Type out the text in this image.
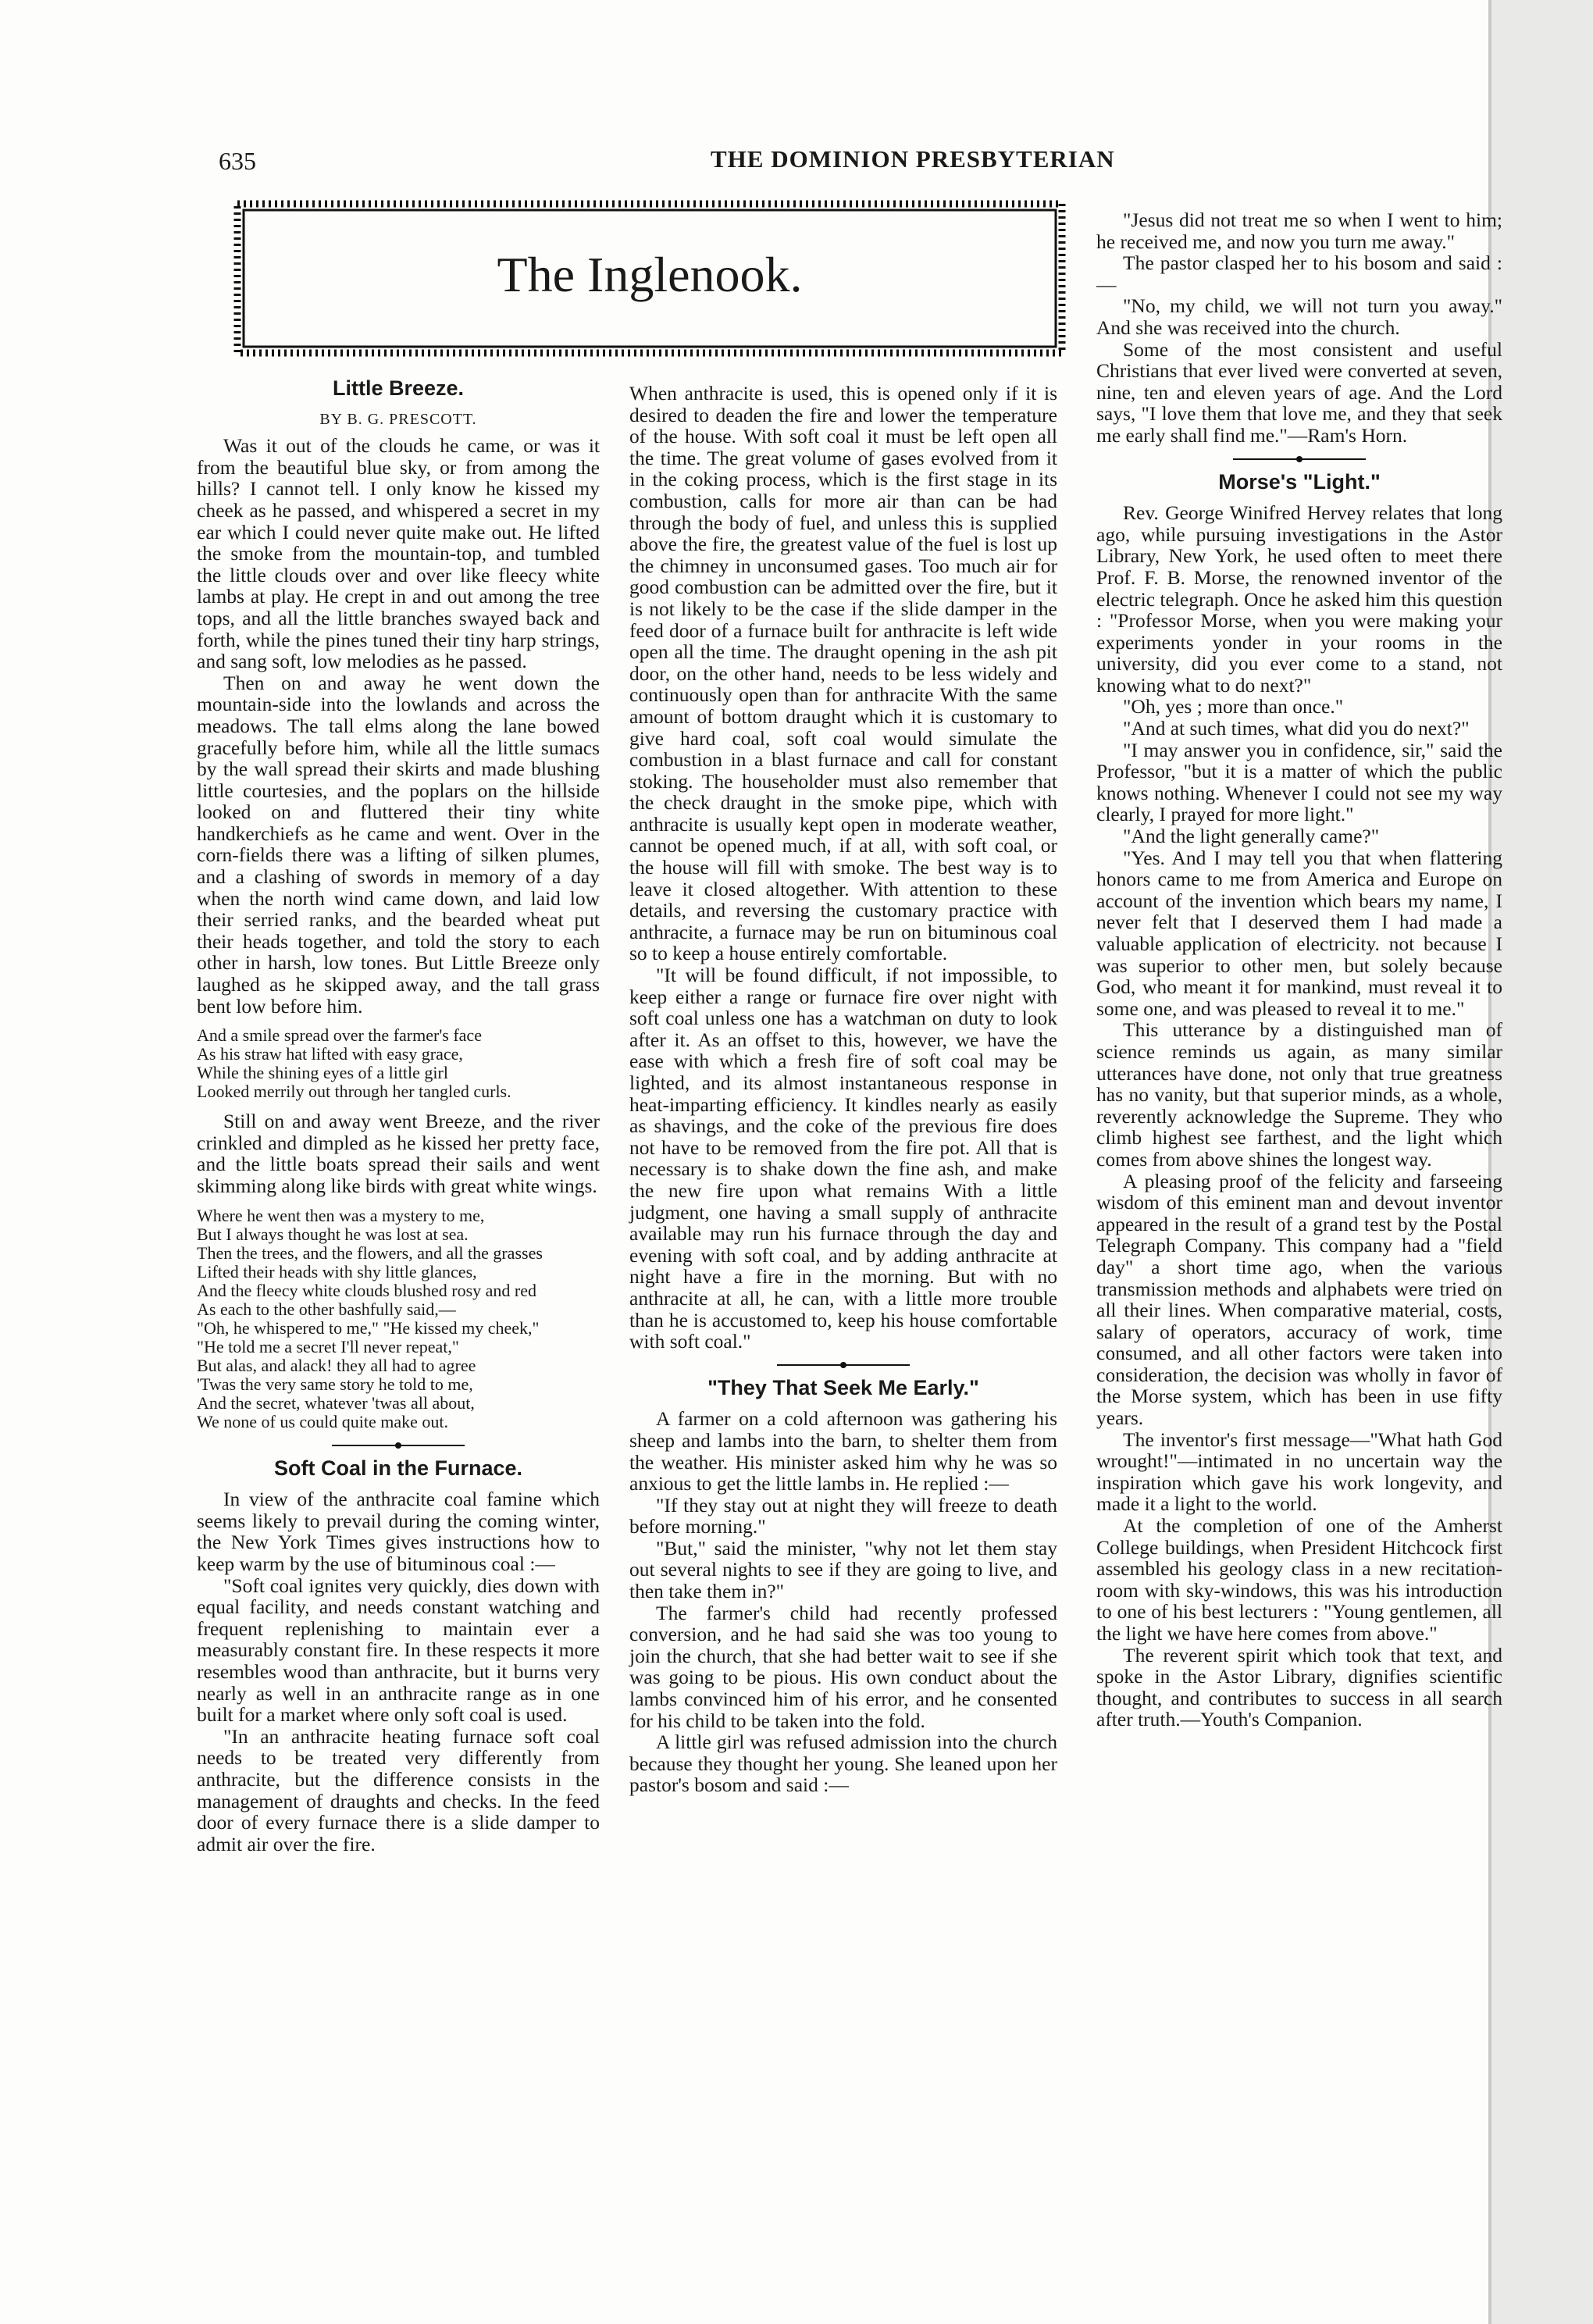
635	THE DOMINION PRESBYTERIAN
The Inglenook.
Little Breeze.
BY B. G. PRESCOTT.

Was it out of the clouds he came, or was it from the beautiful blue sky, or from among the hills? I cannot tell. I only know he kissed my cheek as he passed, and whispered a secret in my ear which I could never quite make out. He lifted the smoke from the mountain-top, and tumbled the little clouds over and over like fleecy white lambs at play. He crept in and out among the tree tops, and all the little branches swayed back and forth, while the pines tuned their tiny harp strings, and sang soft, low melodies as he passed.

Then on and away he went down the mountain-side into the lowlands and across the meadows. The tall elms along the lane bowed gracefully before him, while all the little sumacs by the wall spread their skirts and made blushing little courtesies, and the poplars on the hillside looked on and fluttered their tiny white handkerchiefs as he came and went. Over in the corn-fields there was a lifting of silken plumes, and a clashing of swords in memory of a day when the north wind came down, and laid low their serried ranks, and the bearded wheat put their heads together, and told the story to each other in harsh, low tones. But Little Breeze only laughed as he skipped away, and the tall grass bent low before him.

And a smile spread over the farmer's face
As his straw hat lifted with easy grace,
While the shining eyes of a little girl
Looked merrily out through her tangled curls.

Still on and away went Breeze, and the river crinkled and dimpled as he kissed her pretty face, and the little boats spread their sails and went skimming along like birds with great white wings.

Where he went then was a mystery to me,
But I always thought he was lost at sea.
Then the trees, and the flowers, and all the grasses
Lifted their heads with shy little glances,
And the fleecy white clouds blushed rosy and red
As each to the other bashfully said,—
"Oh, he whispered to me," "He kissed my cheek,"
"He told me a secret I'll never repeat,"
But alas, and alack! they all had to agree
'Twas the very same story he told to me,
And the secret, whatever 'twas all about,
We none of us could quite make out.
Soft Coal in the Furnace.

In view of the anthracite coal famine which seems likely to prevail during the coming winter, the New York Times gives instructions how to keep warm by the use of bituminous coal :—

"Soft coal ignites very quickly, dies down with equal facility, and needs constant watching and frequent replenishing to maintain ever a measurably constant fire. In these respects it more resembles wood than anthracite, but it burns very nearly as well in an anthracite range as in one built for a market where only soft coal is used.

"In an anthracite heating furnace soft coal needs to be treated very differently from anthracite, but the difference consists in the management of draughts and checks. In the feed door of every furnace there is a slide damper to admit air over the fire.

When anthracite is used, this is opened only if it is desired to deaden the fire and lower the temperature of the house. With soft coal it must be left open all the time. The great volume of gases evolved from it in the coking process, which is the first stage in its combustion, calls for more air than can be had through the body of fuel, and unless this is supplied above the fire, the greatest value of the fuel is lost up the chimney in unconsumed gases. Too much air for good combustion can be admitted over the fire, but it is not likely to be the case if the slide damper in the feed door of a furnace built for anthracite is left wide open all the time. The draught opening in the ash pit door, on the other hand, needs to be less widely and continuously open than for anthracite With the same amount of bottom draught which it is customary to give hard coal, soft coal would simulate the combustion in a blast furnace and call for constant stoking. The householder must also remember that the check draught in the smoke pipe, which with anthracite is usually kept open in moderate weather, cannot be opened much, if at all, with soft coal, or the house will fill with smoke. The best way is to leave it closed altogether. With attention to these details, and reversing the customary practice with anthracite, a furnace may be run on bituminous coal so to keep a house entirely comfortable.

"It will be found difficult, if not impossible, to keep either a range or furnace fire over night with soft coal unless one has a watchman on duty to look after it. As an offset to this, however, we have the ease with which a fresh fire of soft coal may be lighted, and its almost instantaneous response in heat-imparting efficiency. It kindles nearly as easily as shavings, and the coke of the previous fire does not have to be removed from the fire pot. All that is necessary is to shake down the fine ash, and make the new fire upon what remains With a little judgment, one having a small supply of anthracite available may run his furnace through the day and evening with soft coal, and by adding anthracite at night have a fire in the morning. But with no anthracite at all, he can, with a little more trouble than he is accustomed to, keep his house comfortable with soft coal."

"They That Seek Me Early."

A farmer on a cold afternoon was gathering his sheep and lambs into the barn, to shelter them from the weather. His minister asked him why he was so anxious to get the little lambs in. He replied :—

"If they stay out at night they will freeze to death before morning."

"But," said the minister, "why not let them stay out several nights to see if they are going to live, and then take them in?"

The farmer's child had recently professed conversion, and he had said she was too young to join the church, that she had better wait to see if she was going to be pious. His own conduct about the lambs convinced him of his error, and he consented for his child to be taken into the fold.

A little girl was refused admission into the church because they thought her young. She leaned upon her pastor's bosom and said :—

"Jesus did not treat me so when I went to him; he received me, and now you turn me away."

The pastor clasped her to his bosom and said :—

"No, my child, we will not turn you away." And she was received into the church.

Some of the most consistent and useful Christians that ever lived were converted at seven, nine, ten and eleven years of age. And the Lord says, "I love them that love me, and they that seek me early shall find me."—Ram's Horn.

Morse's "Light."

Rev. George Winifred Hervey relates that long ago, while pursuing investigations in the Astor Library, New York, he used often to meet there Prof. F. B. Morse, the renowned inventor of the electric telegraph. Once he asked him this question : "Professor Morse, when you were making your experiments yonder in your rooms in the university, did you ever come to a stand, not knowing what to do next?"

"Oh, yes ; more than once."

"And at such times, what did you do next?"

"I may answer you in confidence, sir," said the Professor, "but it is a matter of which the public knows nothing. Whenever I could not see my way clearly, I prayed for more light."

"And the light generally came?"

"Yes. And I may tell you that when flattering honors came to me from America and Europe on account of the invention which bears my name, I never felt that I deserved them I had made a valuable application of electricity. not because I was superior to other men, but solely because God, who meant it for mankind, must reveal it to some one, and was pleased to reveal it to me."

This utterance by a distinguished man of science reminds us again, as many similar utterances have done, not only that true greatness has no vanity, but that superior minds, as a whole, reverently acknowledge the Supreme. They who climb highest see farthest, and the light which comes from above shines the longest way.

A pleasing proof of the felicity and farseeing wisdom of this eminent man and devout inventor appeared in the result of a grand test by the Postal Telegraph Company. This company had a "field day" a short time ago, when the various transmission methods and alphabets were tried on all their lines. When comparative material, costs, salary of operators, accuracy of work, time consumed, and all other factors were taken into consideration, the decision was wholly in favor of the Morse system, which has been in use fifty years.

The inventor's first message—"What hath God wrought!"—intimated in no uncertain way the inspiration which gave his work longevity, and made it a light to the world.

At the completion of one of the Amherst College buildings, when President Hitchcock first assembled his geology class in a new recitation-room with sky-windows, this was his introduction to one of his best lecturers : "Young gentlemen, all the light we have here comes from above."

The reverent spirit which took that text, and spoke in the Astor Library, dignifies scientific thought, and contributes to success in all search after truth.—Youth's Companion.
